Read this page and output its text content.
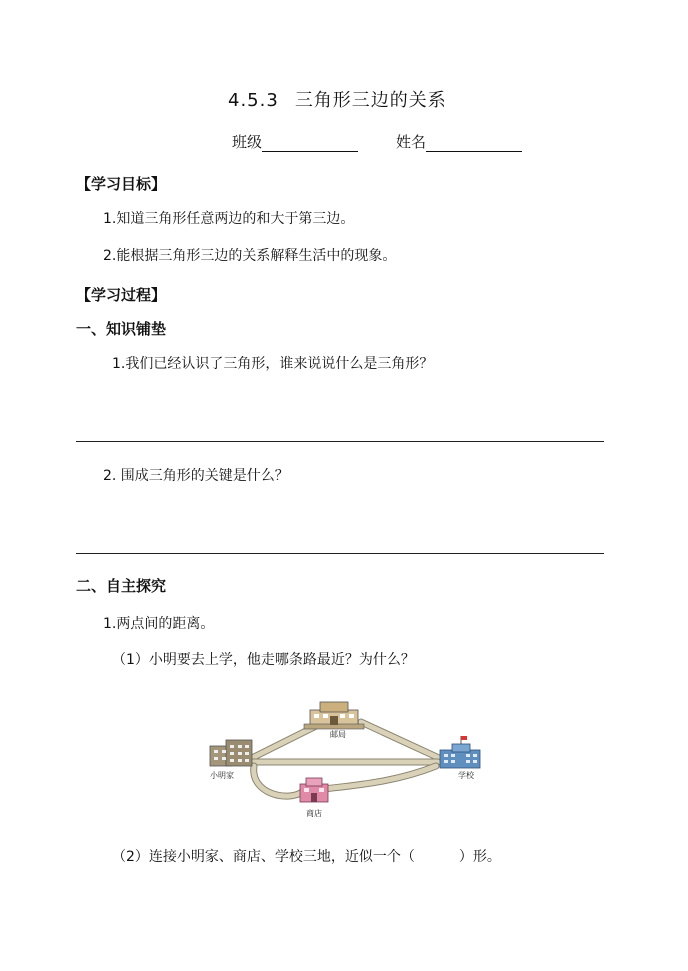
4.5.3 三角形三边的关系
班级	姓名
【学习目标】
1.知道三角形任意两边的和大于第三边。
2.能根据三角形三边的关系解释生活中的现象。
【学习过程】
一、知识铺垫
1.我们已经认识了三角形，谁来说说什么是三角形？
2. 围成三角形的关键是什么？
二、自主探究
1.两点间的距离。
（1）小明要去上学，他走哪条路最近？为什么？
小明家
邮局
学校
商店
（2）连接小明家、商店、学校三地，近似一个（	）形。
